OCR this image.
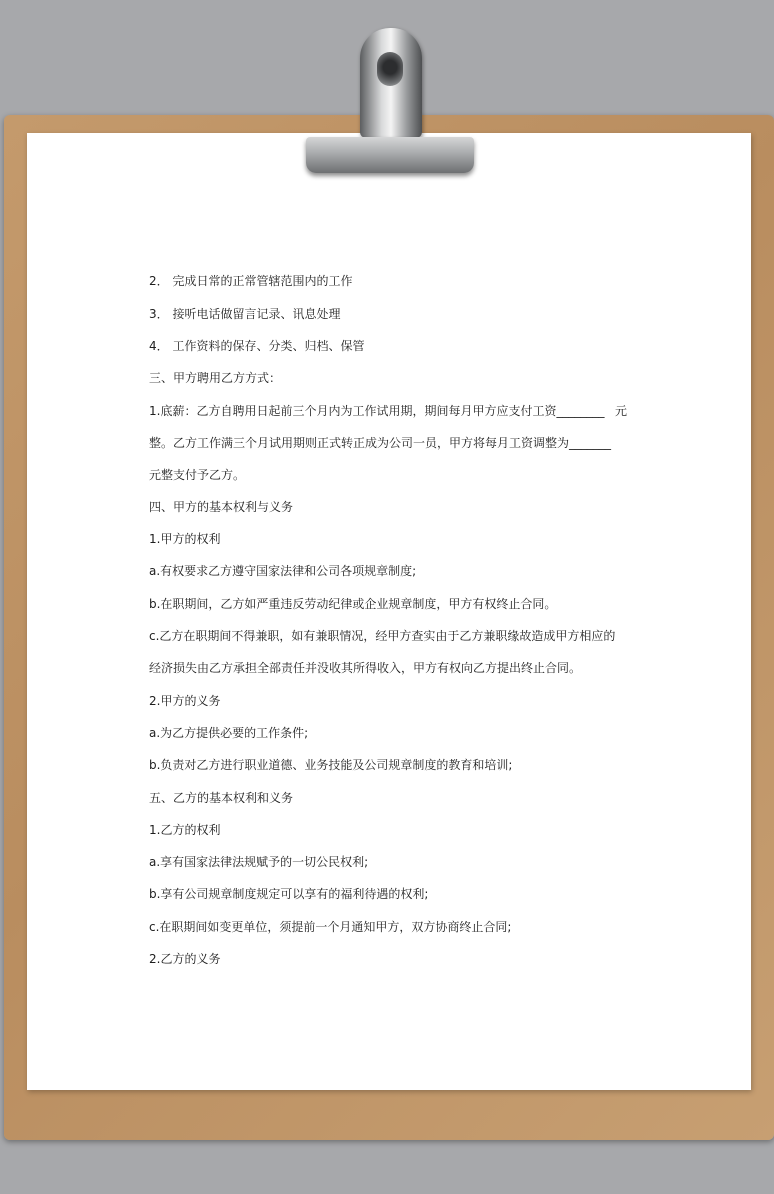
2． 完成日常的正常管辖范围内的工作
3． 接听电话做留言记录、讯息处理
4． 工作资料的保存、分类、归档、保管
三、甲方聘用乙方方式：
1.底薪：乙方自聘用日起前三个月内为工作试用期，期间每月甲方应支付工资________ 元
整。乙方工作满三个月试用期则正式转正成为公司一员，甲方将每月工资调整为_______
元整支付予乙方。
四、甲方的基本权利与义务
1.甲方的权利
a.有权要求乙方遵守国家法律和公司各项规章制度;
b.在职期间，乙方如严重违反劳动纪律或企业规章制度，甲方有权终止合同。
c.乙方在职期间不得兼职，如有兼职情况，经甲方查实由于乙方兼职缘故造成甲方相应的
经济损失由乙方承担全部责任并没收其所得收入，甲方有权向乙方提出终止合同。
2.甲方的义务
a.为乙方提供必要的工作条件;
b.负责对乙方进行职业道德、业务技能及公司规章制度的教育和培训;
五、乙方的基本权利和义务
1.乙方的权利
a.享有国家法律法规赋予的一切公民权利;
b.享有公司规章制度规定可以享有的福利待遇的权利;
c.在职期间如变更单位，须提前一个月通知甲方，双方协商终止合同;
2.乙方的义务
